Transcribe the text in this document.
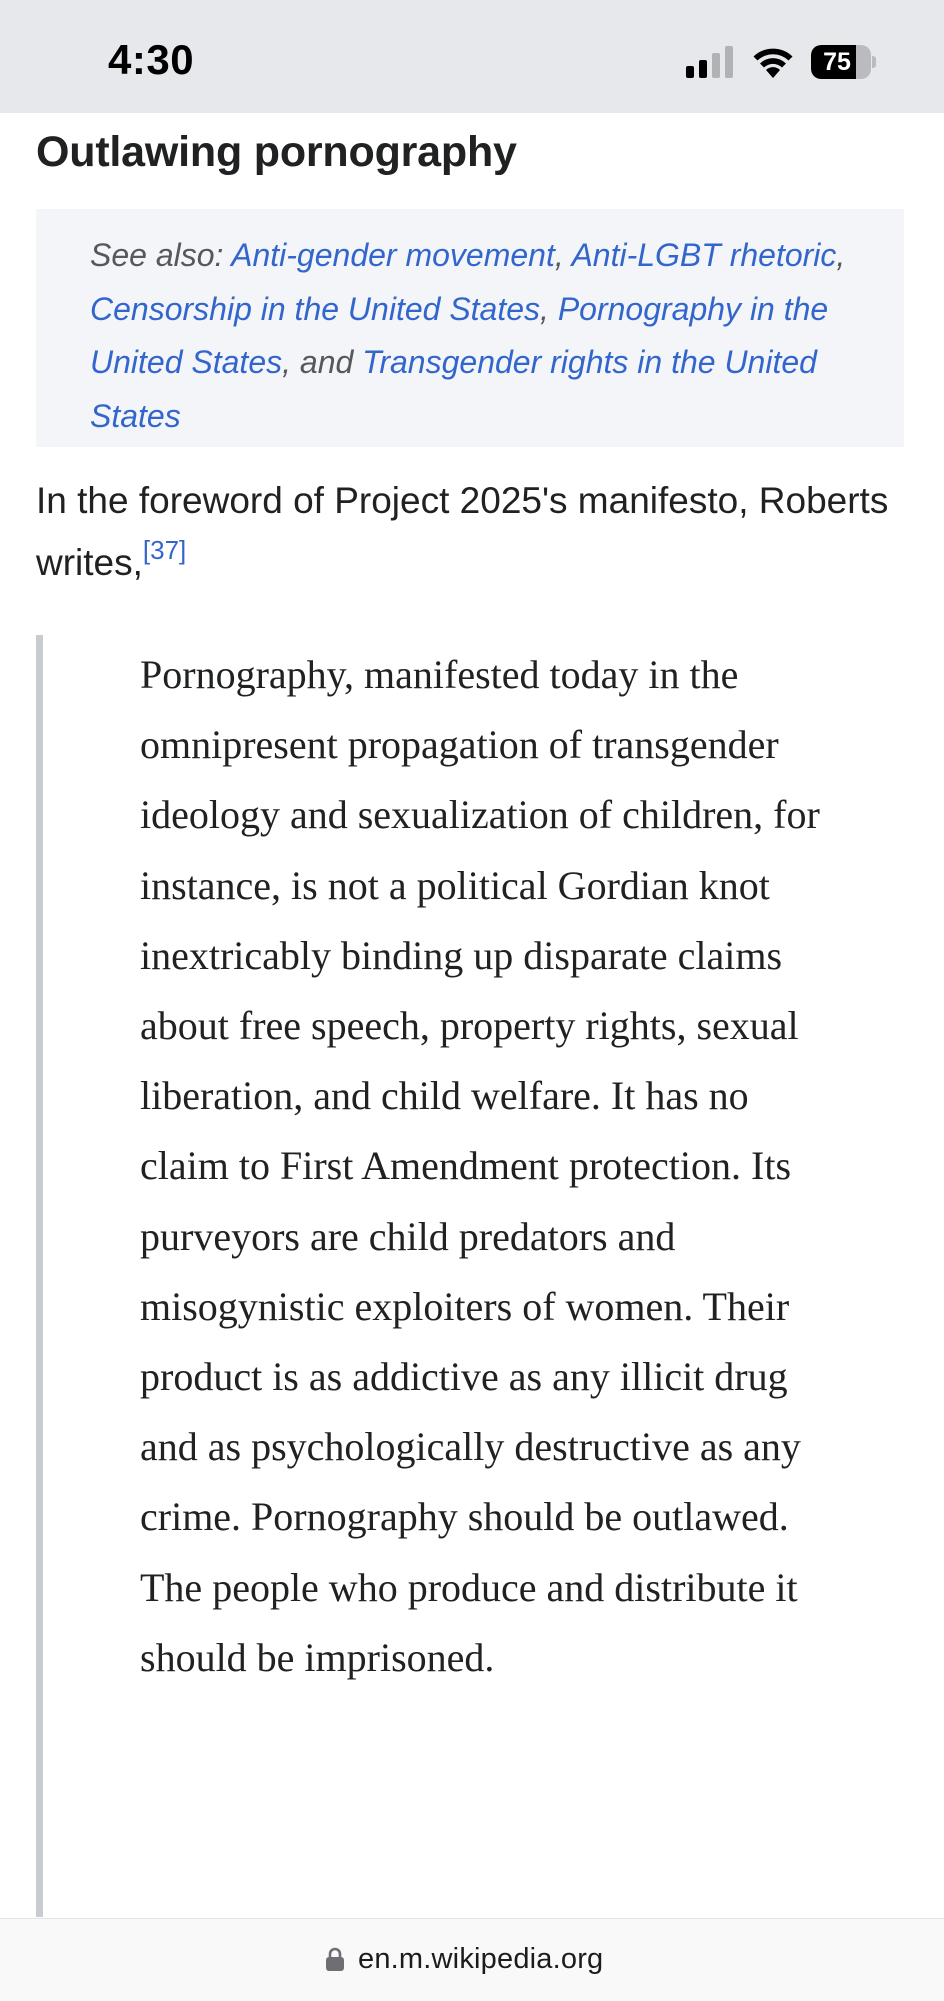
4:30	75
Outlawing pornography
See also: Anti-gender movement, Anti-LGBT rhetoric, Censorship in the United States, Pornography in the United States, and Transgender rights in the United States

In the foreword of Project 2025's manifesto, Roberts writes,[37]

Pornography, manifested today in the omnipresent propagation of transgender ideology and sexualization of children, for instance, is not a political Gordian knot inextricably binding up disparate claims about free speech, property rights, sexual liberation, and child welfare. It has no claim to First Amendment protection. Its purveyors are child predators and misogynistic exploiters of women. Their product is as addictive as any illicit drug and as psychologically destructive as any crime. Pornography should be outlawed. The people who produce and distribute it should be imprisoned.

en.m.wikipedia.org
